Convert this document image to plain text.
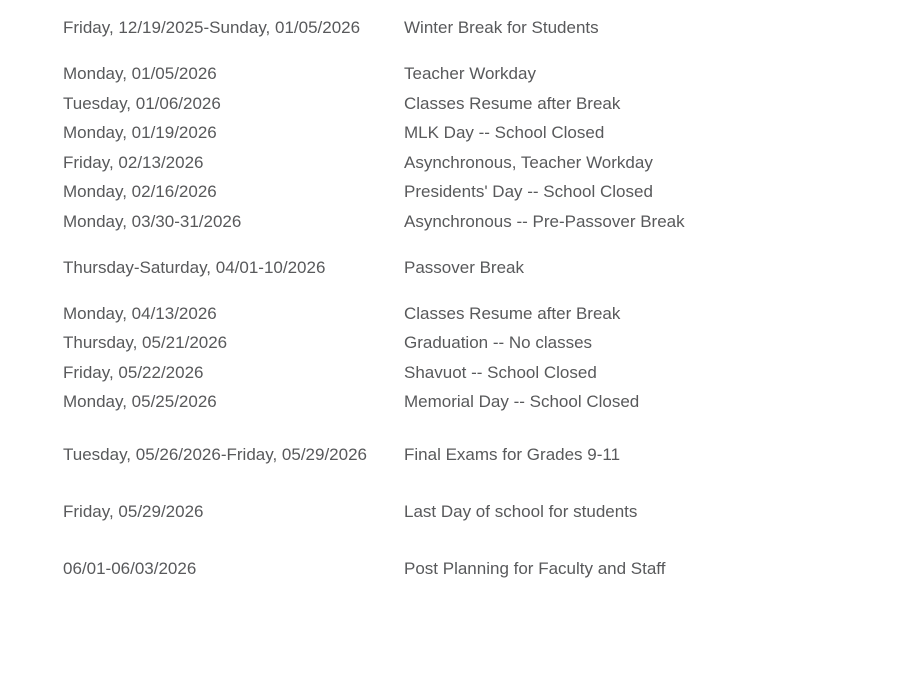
Friday, 12/19/2025-Sunday, 01/05/2026	Winter Break for Students
Monday, 01/05/2026	Teacher Workday
Tuesday, 01/06/2026	Classes Resume after Break
Monday, 01/19/2026	MLK Day -- School Closed
Friday, 02/13/2026	Asynchronous, Teacher Workday
Monday, 02/16/2026	Presidents' Day -- School Closed
Monday, 03/30-31/2026	Asynchronous -- Pre-Passover Break
Thursday-Saturday, 04/01-10/2026	Passover Break
Monday, 04/13/2026	Classes Resume after Break
Thursday, 05/21/2026	Graduation -- No classes
Friday, 05/22/2026	Shavuot -- School Closed
Monday, 05/25/2026	Memorial Day -- School Closed
Tuesday, 05/26/2026-Friday, 05/29/2026	Final Exams for Grades 9-11
Friday, 05/29/2026	Last Day of school for students
06/01-06/03/2026	Post Planning for Faculty and Staff
